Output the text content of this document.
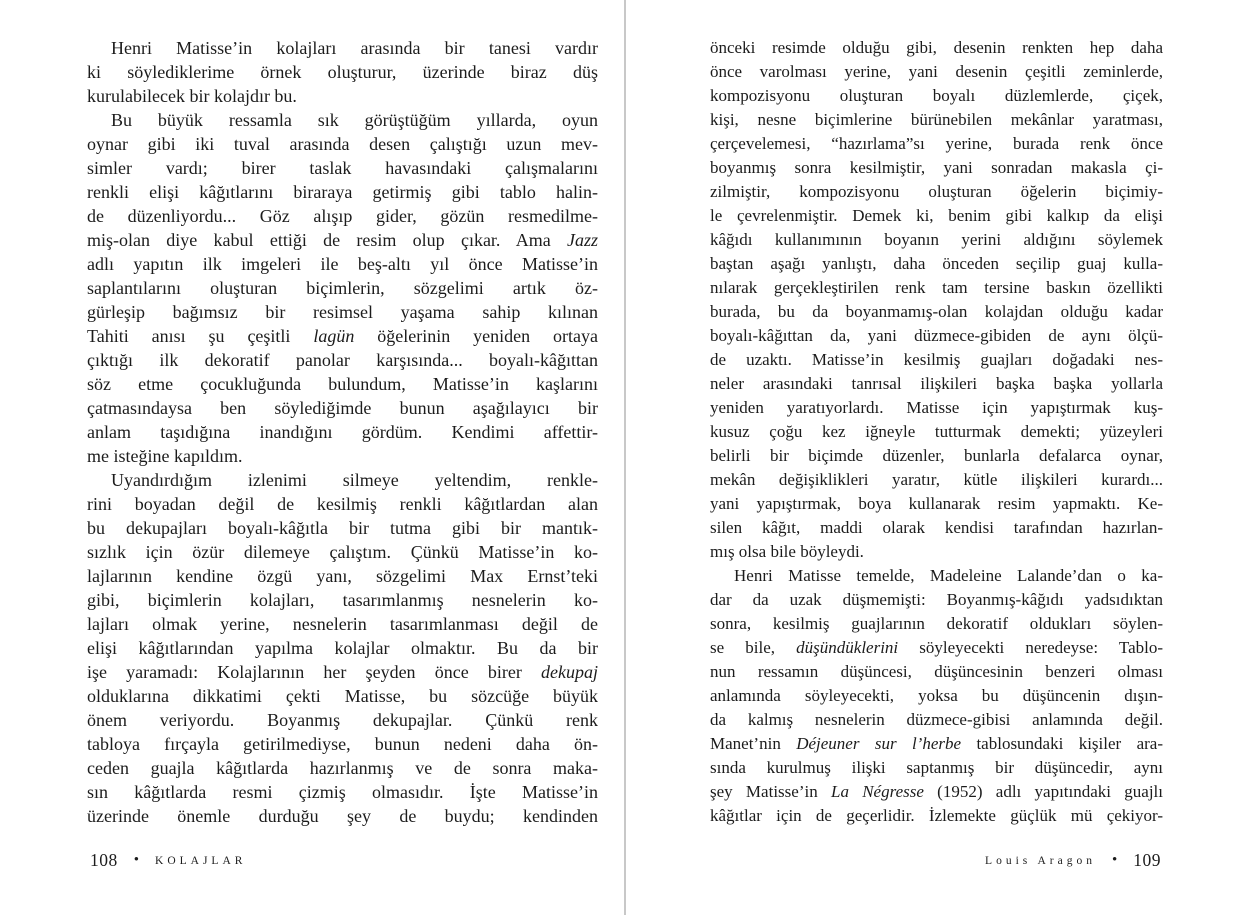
Henri Matisse’in kolajları arasında bir tanesi vardır
ki söylediklerime örnek oluşturur, üzerinde biraz düş
kurulabilecek bir kolajdır bu.
Bu büyük ressamla sık görüştüğüm yıllarda, oyun
oynar gibi iki tuval arasında desen çalıştığı uzun mev-
simler vardı; birer taslak havasındaki çalışmalarını
renkli elişi kâğıtlarını biraraya getirmiş gibi tablo halin-
de düzenliyordu... Göz alışıp gider, gözün resmedilme-
miş-olan diye kabul ettiği de resim olup çıkar. Ama Jazz
adlı yapıtın ilk imgeleri ile beş-altı yıl önce Matisse’in
saplantılarını oluşturan biçimlerin, sözgelimi artık öz-
gürleşip bağımsız bir resimsel yaşama sahip kılınan
Tahiti anısı şu çeşitli lagün öğelerinin yeniden ortaya
çıktığı ilk dekoratif panolar karşısında... boyalı-kâğıttan
söz etme çocukluğunda bulundum, Matisse’in kaşlarını
çatmasındaysa ben söylediğimde bunun aşağılayıcı bir
anlam taşıdığına inandığını gördüm. Kendimi affettir-
me isteğine kapıldım.
Uyandırdığım izlenimi silmeye yeltendim, renkle-
rini boyadan değil de kesilmiş renkli kâğıtlardan alan
bu dekupajları boyalı-kâğıtla bir tutma gibi bir mantık-
sızlık için özür dilemeye çalıştım. Çünkü Matisse’in ko-
lajlarının kendine özgü yanı, sözgelimi Max Ernst’teki
gibi, biçimlerin kolajları, tasarımlanmış nesnelerin ko-
lajları olmak yerine, nesnelerin tasarımlanması değil de
elişi kâğıtlarından yapılma kolajlar olmaktır. Bu da bir
işe yaramadı: Kolajlarının her şeyden önce birer dekupaj
olduklarına dikkatimi çekti Matisse, bu sözcüğe büyük
önem veriyordu. Boyanmış dekupajlar. Çünkü renk
tabloya fırçayla getirilmediyse, bunun nedeni daha ön-
ceden guajla kâğıtlarda hazırlanmış ve de sonra maka-
sın kâğıtlarda resmi çizmiş olmasıdır. İşte Matisse’in
üzerinde önemle durduğu şey de buydu; kendinden
108 • KOLAJLAR
önceki resimde olduğu gibi, desenin renkten hep daha
önce varolması yerine, yani desenin çeşitli zeminlerde,
kompozisyonu oluşturan boyalı düzlemlerde, çiçek,
kişi, nesne biçimlerine bürünebilen mekânlar yaratması,
çerçevelemesi, “hazırlama”sı yerine, burada renk önce
boyanmış sonra kesilmiştir, yani sonradan makasla çi-
zilmiştir, kompozisyonu oluşturan öğelerin biçimiy-
le çevrelenmiştir. Demek ki, benim gibi kalkıp da elişi
kâğıdı kullanımının boyanın yerini aldığını söylemek
baştan aşağı yanlıştı, daha önceden seçilip guaj kulla-
nılarak gerçekleştirilen renk tam tersine baskın özellikti
burada, bu da boyanmamış-olan kolajdan olduğu kadar
boyalı-kâğıttan da, yani düzmece-gibiden de aynı ölçü-
de uzaktı. Matisse’in kesilmiş guajları doğadaki nes-
neler arasındaki tanrısal ilişkileri başka başka yollarla
yeniden yaratıyorlardı. Matisse için yapıştırmak kuş-
kusuz çoğu kez iğneyle tutturmak demekti; yüzeyleri
belirli bir biçimde düzenler, bunlarla defalarca oynar,
mekân değişiklikleri yaratır, kütle ilişkileri kurardı...
yani yapıştırmak, boya kullanarak resim yapmaktı. Ke-
silen kâğıt, maddi olarak kendisi tarafından hazırlan-
mış olsa bile böyleydi.
Henri Matisse temelde, Madeleine Lalande’dan o ka-
dar da uzak düşmemişti: Boyanmış-kâğıdı yadsıdıktan
sonra, kesilmiş guajlarının dekoratif oldukları söylen-
se bile, düşündüklerini söyleyecekti neredeyse: Tablo-
nun ressamın düşüncesi, düşüncesinin benzeri olması
anlamında söyleyecekti, yoksa bu düşüncenin dışın-
da kalmış nesnelerin düzmece-gibisi anlamında değil.
Manet’nin Déjeuner sur l’herbe tablosundaki kişiler ara-
sında kurulmuş ilişki saptanmış bir düşüncedir, aynı
şey Matisse’in La Négresse (1952) adlı yapıtındaki guajlı
kâğıtlar için de geçerlidir. İzlemekte güçlük mü çekiyor-
Louis Aragon • 109
